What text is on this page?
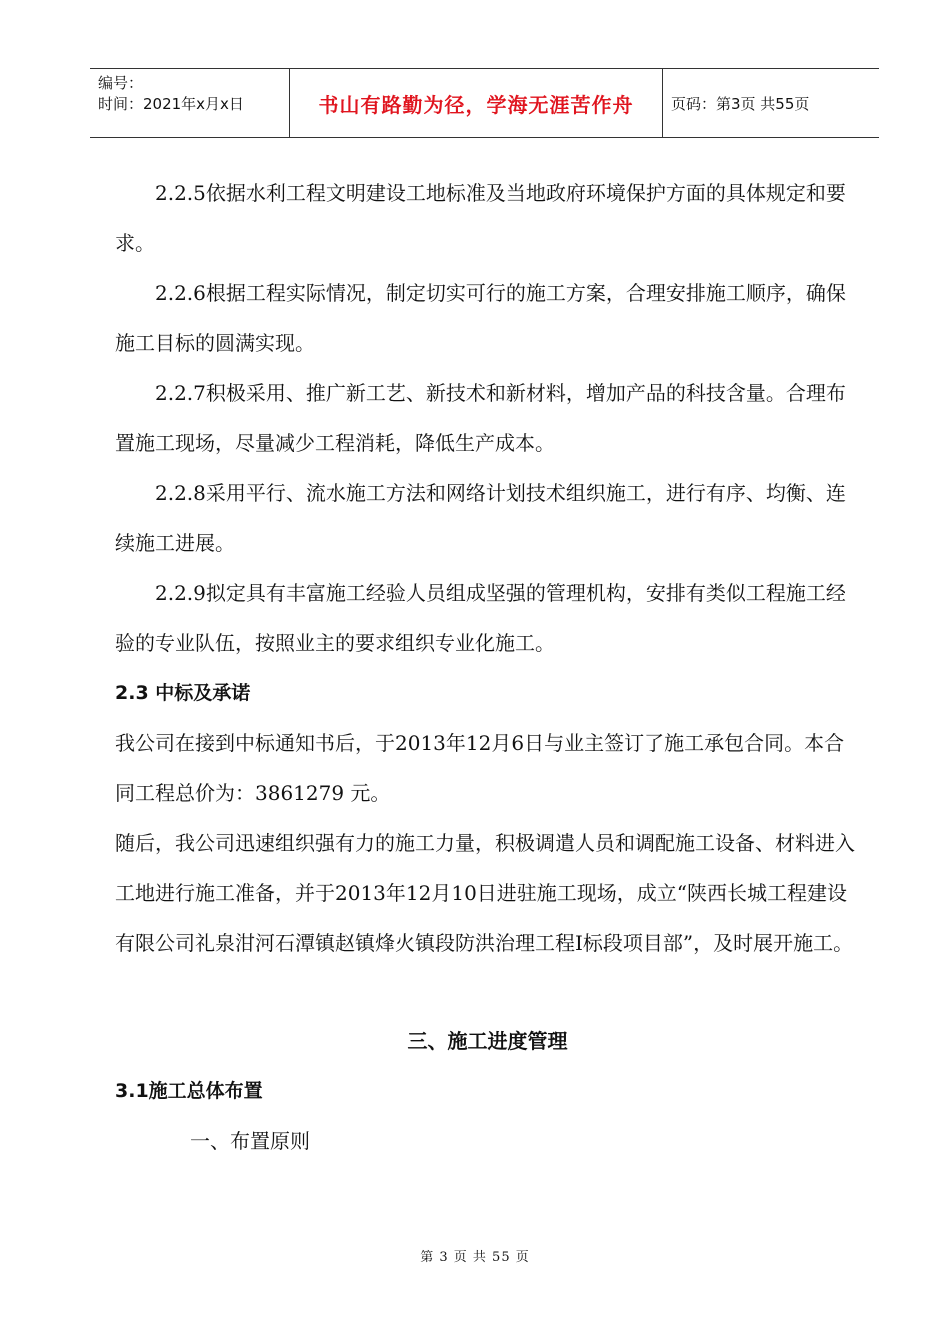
编号：
时间：2021年x月x日	书山有路勤为径，学海无涯苦作舟	页码：第3页 共55页

2.2.5依据水利工程文明建设工地标准及当地政府环境保护方面的具体规定和要求。

2.2.6根据工程实际情况，制定切实可行的施工方案，合理安排施工顺序，确保施工目标的圆满实现。

2.2.7积极采用、推广新工艺、新技术和新材料，增加产品的科技含量。合理布置施工现场，尽量减少工程消耗，降低生产成本。

2.2.8采用平行、流水施工方法和网络计划技术组织施工，进行有序、均衡、连续施工进展。

2.2.9拟定具有丰富施工经验人员组成坚强的管理机构，安排有类似工程施工经验的专业队伍，按照业主的要求组织专业化施工。

2.3 中标及承诺

我公司在接到中标通知书后，于2013年12月6日与业主签订了施工承包合同。本合同工程总价为：3861279 元。

随后，我公司迅速组织强有力的施工力量，积极调遣人员和调配施工设备、材料进入工地进行施工准备，并于2013年12月10日进驻施工现场，成立“陕西长城工程建设有限公司礼泉泔河石潭镇赵镇烽火镇段防洪治理工程Ⅰ标段项目部”，及时展开施工。

三、施工进度管理

3.1施工总体布置

一、布置原则

第 3 页 共 55 页
